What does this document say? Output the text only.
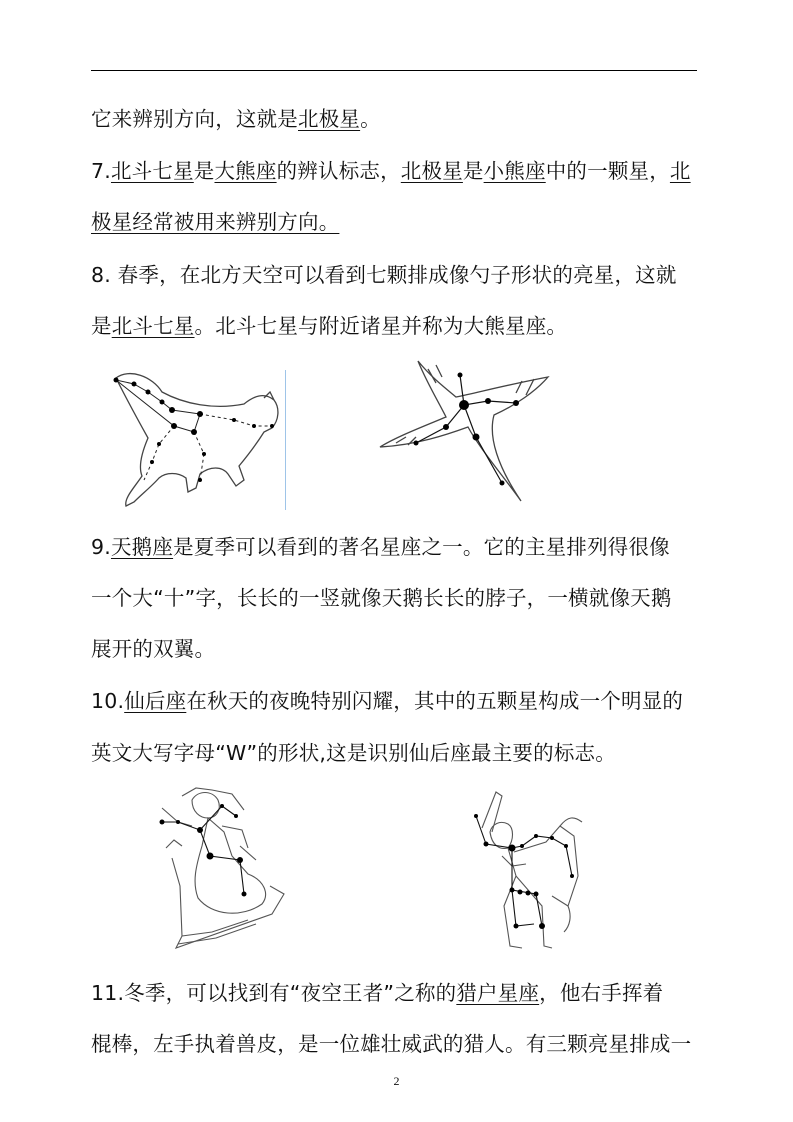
它来辨别方向，这就是北极星。
7.北斗七星是大熊座的辨认标志，北极星是小熊座中的一颗星，北
极星经常被用来辨别方向。
8. 春季，在北方天空可以看到七颗排成像勺子形状的亮星，这就
是北斗七星。北斗七星与附近诸星并称为大熊星座。
9.天鹅座是夏季可以看到的著名星座之一。它的主星排列得很像
一个大“十”字，长长的一竖就像天鹅长长的脖子，一横就像天鹅
展开的双翼。
10.仙后座在秋天的夜晚特别闪耀，其中的五颗星构成一个明显的
英文大写字母“W”的形状,这是识别仙后座最主要的标志。
11.冬季，可以找到有“夜空王者”之称的猎户星座，他右手挥着
棍棒，左手执着兽皮，是一位雄壮威武的猎人。有三颗亮星排成一
2
